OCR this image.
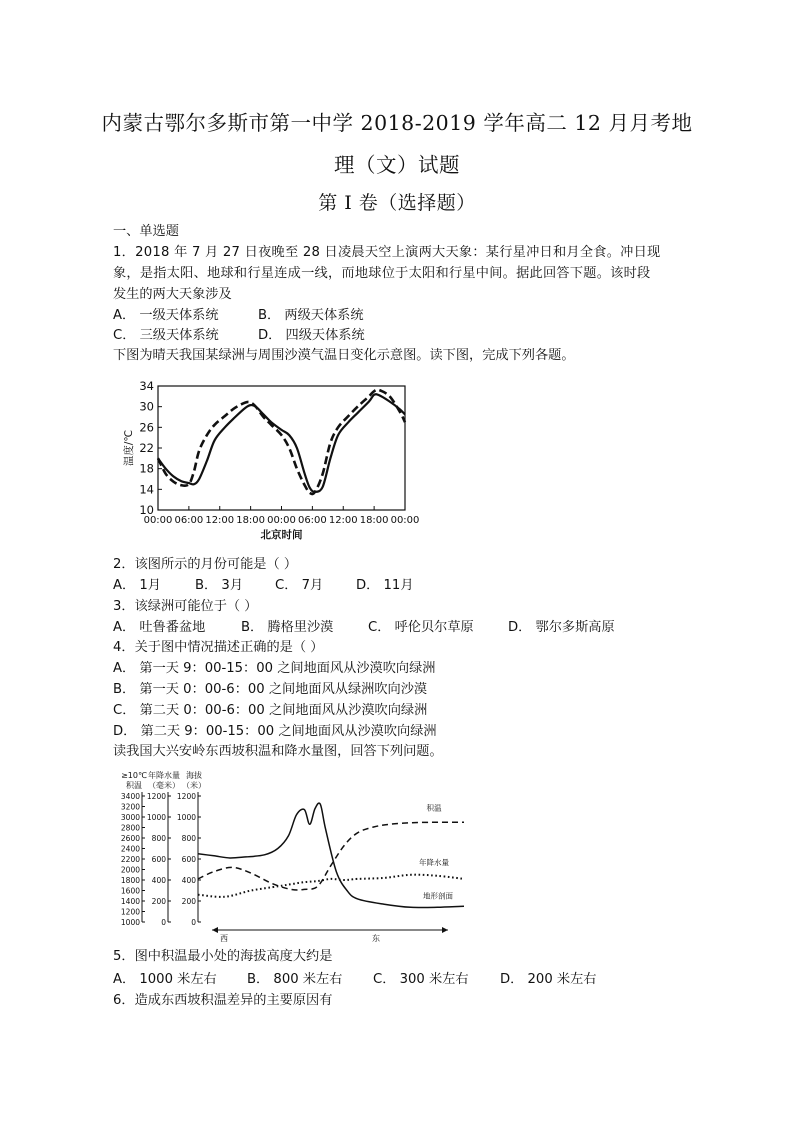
内蒙古鄂尔多斯市第一中学 2018-2019 学年高二 12 月月考地
理（文）试题
第 I 卷（选择题）
一、单选题
1．2018 年 7 月 27 日夜晚至 28 日凌晨天空上演两大天象：某行星冲日和月全食。冲日现
象，是指太阳、地球和行星连成一线，而地球位于太阳和行星中间。据此回答下题。该时段
发生的两大天象涉及
A． 一级天体系统	B． 两级天体系统
C． 三级天体系统	D． 四级天体系统
下图为晴天我国某绿洲与周围沙漠气温日变化示意图。读下图，完成下列各题。
34
30
26
22
18
14
10
00:00 06:00 12:00 18:00 00:00 06:00 12:00 18:00 00:00
温度/℃
北京时间
2．该图所示的月份可能是（ ）
A． 1月	B． 3月 C． 7月 D． 11月
3．该绿洲可能位于（ ）
A． 吐鲁番盆地	B． 腾格里沙漠	C． 呼伦贝尔草原	D． 鄂尔多斯高原
4．关于图中情况描述正确的是（ ）
A． 第一天 9：00-15：00 之间地面风从沙漠吹向绿洲
B． 第一天 0：00-6：00 之间地面风从绿洲吹向沙漠
C． 第二天 0：00-6：00 之间地面风从沙漠吹向绿洲
D． 第二天 9：00-15：00 之间地面风从沙漠吹向绿洲
读我国大兴安岭东西坡积温和降水量图，回答下列问题。
≥10℃
积温
年降水量
（毫米）
海拔
（米）
3400
3200
3000
2800
2600
2400
2200
2000
1800
1600
1400
1200
1000
1200
1000
800
600
400
200
0
1200
1000
800
600
400
200
0
西	东
积温
年降水量
地形剖面
5．图中积温最小处的海拔高度大约是
A． 1000 米左右 B． 800 米左右 C． 300 米左右 D． 200 米左右
6．造成东西坡积温差异的主要原因有
